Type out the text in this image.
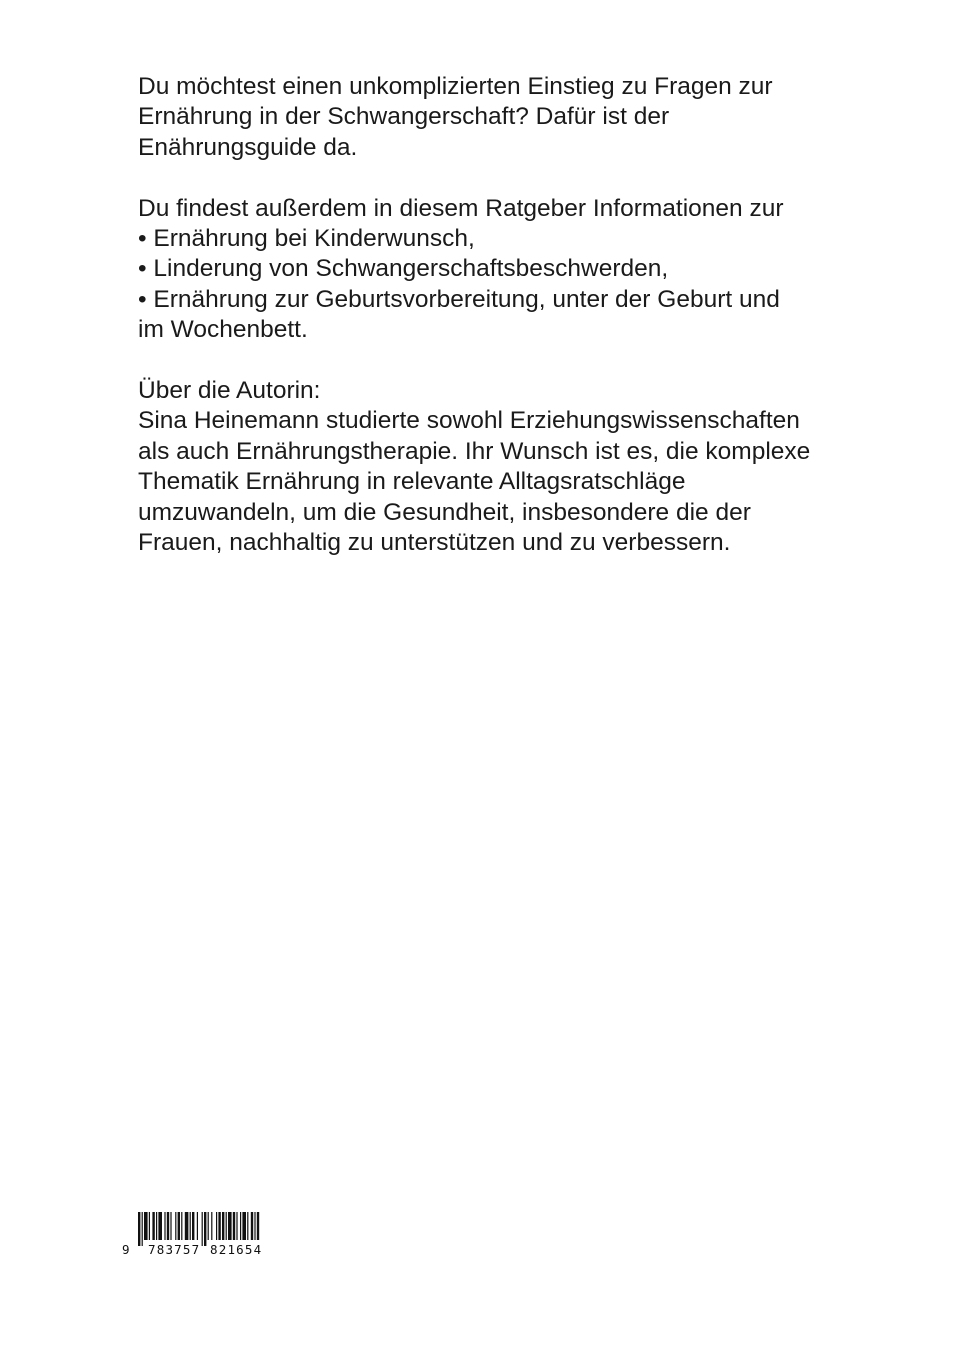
Du möchtest einen unkomplizierten Einstieg zu Fragen zur
Ernährung in der Schwangerschaft? Dafür ist der
Enährungsguide da.

Du findest außerdem in diesem Ratgeber Informationen zur
• Ernährung bei Kinderwunsch,
• Linderung von Schwangerschaftsbeschwerden,
• Ernährung zur Geburtsvorbereitung, unter der Geburt und
im Wochenbett.

Über die Autorin:
Sina Heinemann studierte sowohl Erziehungswissenschaften
als auch Ernährungstherapie. Ihr Wunsch ist es, die komplexe
Thematik Ernährung in relevante Alltagsratschläge
umzuwandeln, um die Gesundheit, insbesondere die der
Frauen, nachhaltig zu unterstützen und zu verbessern.

9 783757 821654
